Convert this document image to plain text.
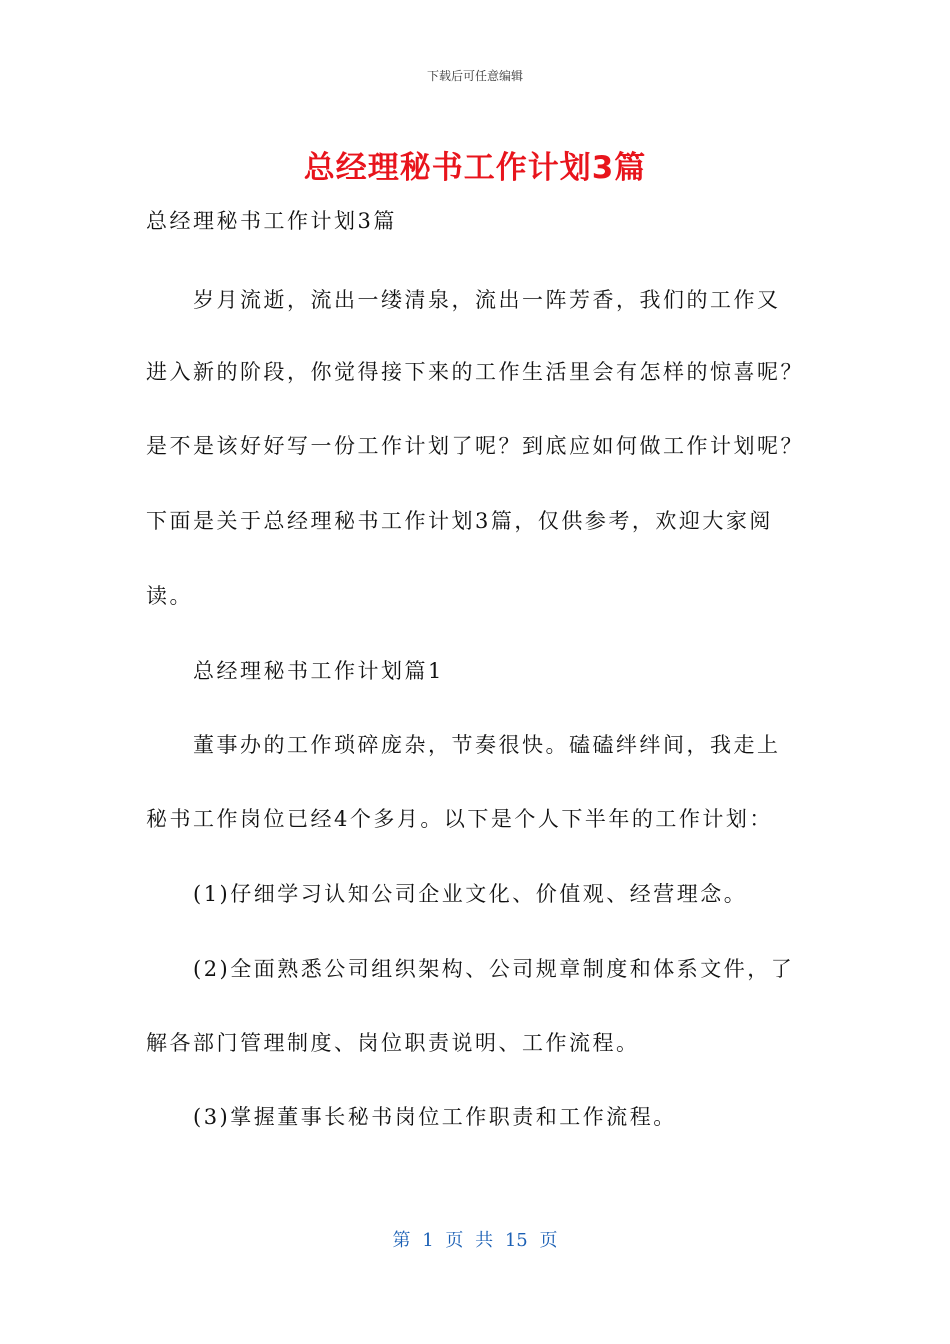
下载后可任意编辑
总经理秘书工作计划3篇
总经理秘书工作计划3篇
岁月流逝，流出一缕清泉，流出一阵芳香，我们的工作又
进入新的阶段，你觉得接下来的工作生活里会有怎样的惊喜呢？
是不是该好好写一份工作计划了呢？到底应如何做工作计划呢？
下面是关于总经理秘书工作计划3篇，仅供参考，欢迎大家阅
读。
总经理秘书工作计划篇1
董事办的工作琐碎庞杂，节奏很快。磕磕绊绊间，我走上
秘书工作岗位已经4个多月。以下是个人下半年的工作计划：
(1)仔细学习认知公司企业文化、价值观、经营理念。
(2)全面熟悉公司组织架构、公司规章制度和体系文件，了
解各部门管理制度、岗位职责说明、工作流程。
(3)掌握董事长秘书岗位工作职责和工作流程。
第 1 页 共 15 页
